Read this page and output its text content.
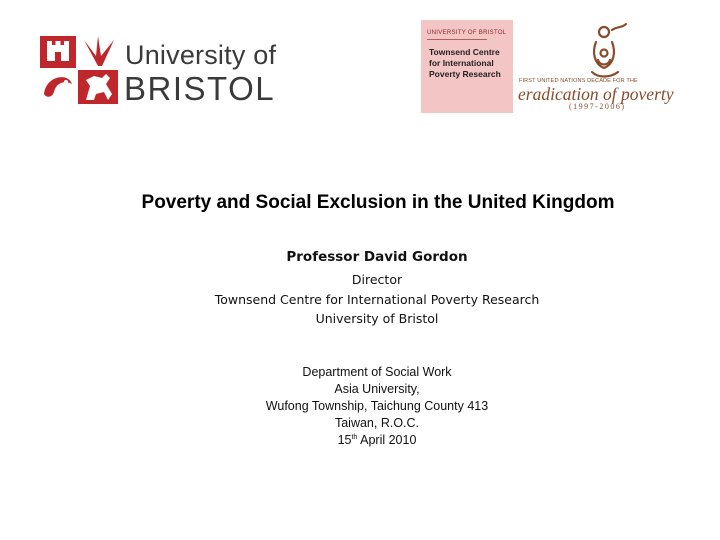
University of
BRISTOL
UNIVERSITY OF BRISTOL
Townsend Centre
for International
Poverty Research
FIRST UNITED NATIONS DECADE FOR THE
eradication of poverty
(1997-2006)
Poverty and Social Exclusion in the United Kingdom
Professor David Gordon
Director
Townsend Centre for International Poverty Research
University of Bristol
Department of Social Work
Asia University,
Wufong Township, Taichung County 413
Taiwan, R.O.C.
15th April 2010
